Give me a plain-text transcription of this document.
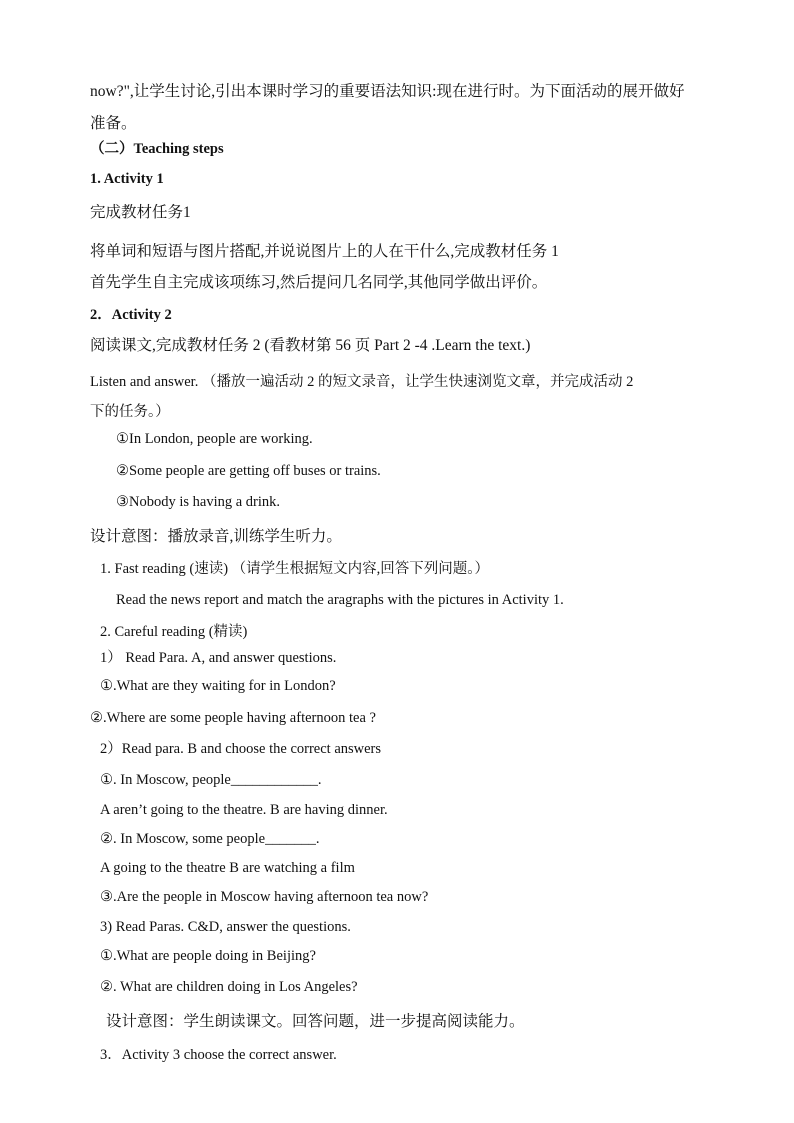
now?",让学生讨论,引出本课时学习的重要语法知识:现在进行时。为下面活动的展开做好
准备。
（二）Teaching steps
1. Activity 1
完成教材任务1
将单词和短语与图片搭配,并说说图片上的人在干什么,完成教材任务 1
首先学生自主完成该项练习,然后提问几名同学,其他同学做出评价。
2．Activity 2
阅读课文,完成教材任务 2 (看教材第 56 页 Part 2 -4 .Learn the text.)
Listen and answer. （播放一遍活动 2 的短文录音，让学生快速浏览文章，并完成活动 2
下的任务。）
①In London, people are working.
②Some people are getting off buses or trains.
③Nobody is having a drink.
设计意图：播放录音,训练学生听力。
1. Fast reading (速读) （请学生根据短文内容,回答下列问题。）
Read the news report and match the aragraphs with the pictures in Activity 1.
2. Careful reading (精读)
1） Read Para. A, and answer questions.
①.What are they waiting for in London?
②.Where are some people having afternoon tea ?
2）Read para. B and choose the correct answers
①. In Moscow, people____________.
A aren’t going to the theatre. B are having dinner.
②. In Moscow, some people_______.
A going to the theatre B are watching a film
③.Are the people in Moscow having afternoon tea now?
3) Read Paras. C&D, answer the questions.
①.What are people doing in Beijing?
②. What are children doing in Los Angeles?
设计意图：学生朗读课文。回答问题，进一步提高阅读能力。
3．Activity 3 choose the correct answer.
